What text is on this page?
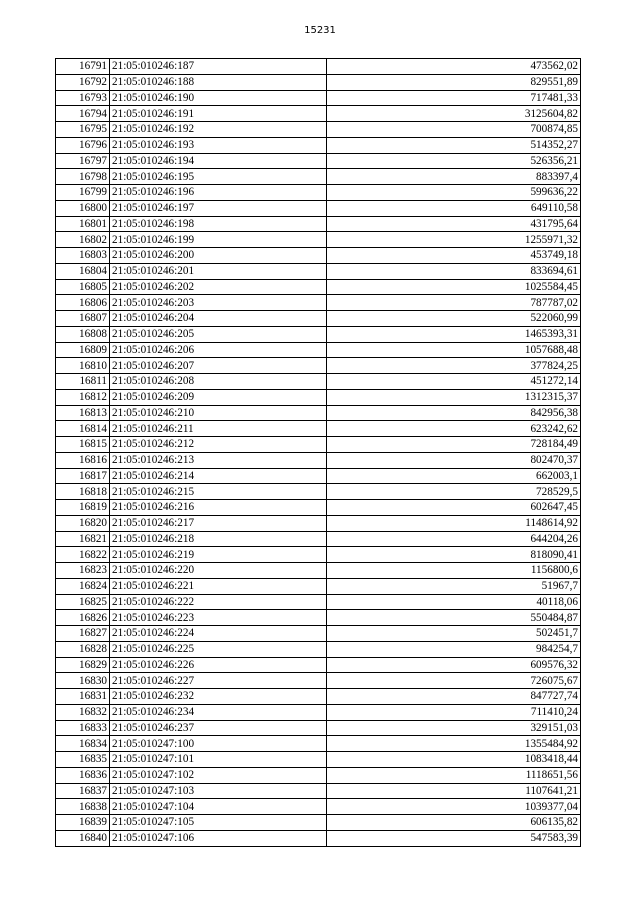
15231
16791	21:05:010246:187	473562,02
16792	21:05:010246:188	829551,89
16793	21:05:010246:190	717481,33
16794	21:05:010246:191	3125604,82
16795	21:05:010246:192	700874,85
16796	21:05:010246:193	514352,27
16797	21:05:010246:194	526356,21
16798	21:05:010246:195	883397,4
16799	21:05:010246:196	599636,22
16800	21:05:010246:197	649110,58
16801	21:05:010246:198	431795,64
16802	21:05:010246:199	1255971,32
16803	21:05:010246:200	453749,18
16804	21:05:010246:201	833694,61
16805	21:05:010246:202	1025584,45
16806	21:05:010246:203	787787,02
16807	21:05:010246:204	522060,99
16808	21:05:010246:205	1465393,31
16809	21:05:010246:206	1057688,48
16810	21:05:010246:207	377824,25
16811	21:05:010246:208	451272,14
16812	21:05:010246:209	1312315,37
16813	21:05:010246:210	842956,38
16814	21:05:010246:211	623242,62
16815	21:05:010246:212	728184,49
16816	21:05:010246:213	802470,37
16817	21:05:010246:214	662003,1
16818	21:05:010246:215	728529,5
16819	21:05:010246:216	602647,45
16820	21:05:010246:217	1148614,92
16821	21:05:010246:218	644204,26
16822	21:05:010246:219	818090,41
16823	21:05:010246:220	1156800,6
16824	21:05:010246:221	51967,7
16825	21:05:010246:222	40118,06
16826	21:05:010246:223	550484,87
16827	21:05:010246:224	502451,7
16828	21:05:010246:225	984254,7
16829	21:05:010246:226	609576,32
16830	21:05:010246:227	726075,67
16831	21:05:010246:232	847727,74
16832	21:05:010246:234	711410,24
16833	21:05:010246:237	329151,03
16834	21:05:010247:100	1355484,92
16835	21:05:010247:101	1083418,44
16836	21:05:010247:102	1118651,56
16837	21:05:010247:103	1107641,21
16838	21:05:010247:104	1039377,04
16839	21:05:010247:105	606135,82
16840	21:05:010247:106	547583,39
